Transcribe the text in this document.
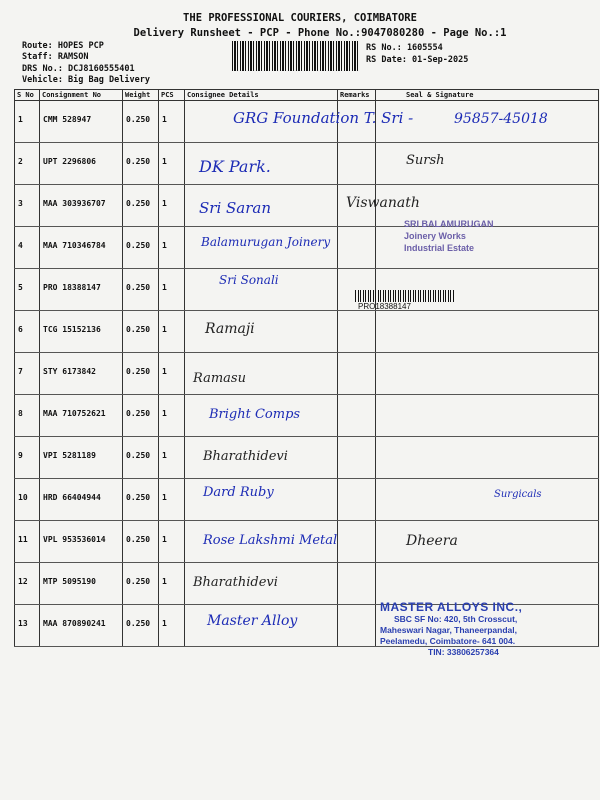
THE PROFESSIONAL COURIERS, COIMBATORE
Delivery Runsheet - PCP - Phone No.:9047080280 - Page No.:1
Route: HOPES PCP
Staff: RAMSON
DRS No.: DCJ8160555401
Vehicle: Big Bag Delivery
RS No.: 1605554
RS Date: 01-Sep-2025
S No	Consignment No	Weight	PCS	Consignee Details	Remarks	Seal & Signature
1	CMM 528947	0.250	1	GRG Foundation T. Sri -		95857-45018

2	UPT 2296806	0.250	1	DK Park.		Sursh

3	MAA 303936707	0.250	1	Sri Saran		Viswanath

4	MAA 710346784	0.250	1	Balamurugan Joinery		

5	PRO 18388147	0.250	1	Sri Sonali		

6	TCG 15152136	0.250	1	Ramaji		

7	STY 6173842	0.250	1	Ramasu		

8	MAA 710752621	0.250	1	Bright Comps		

9	VPI 5281189	0.250	1	Bharathidevi		

10	HRD 66404944	0.250	1	Dard Ruby		Surgicals

11	VPL 953536014	0.250	1	Rose Lakshmi Metal		Dheera

12	MTP 5095190	0.250	1	Bharathidevi		

13	MAA 870890241	0.250	1	Master Alloy		

SRI BALAMURUGAN
Joinery Works
Industrial Estate
PRO18388147
MASTER ALLOYS INC.,
SBC SF No: 420, 5th Crosscut,
Maheswari Nagar, Thaneerpandal,
Peelamedu, Coimbatore- 641 004.
TIN: 33806257364
